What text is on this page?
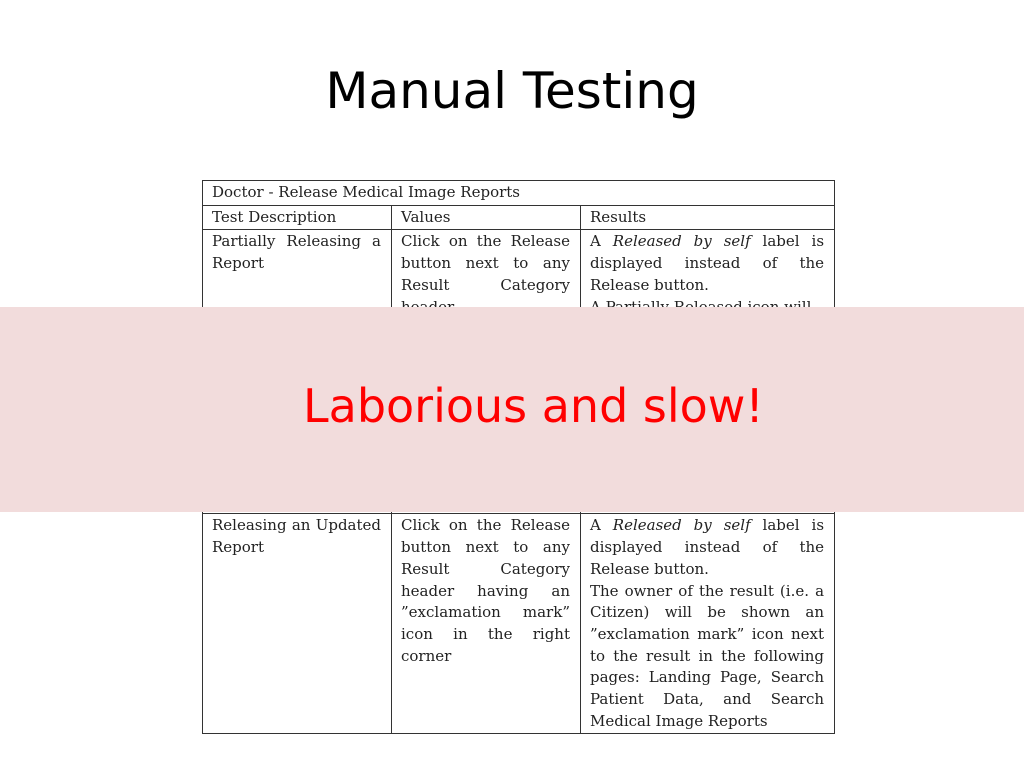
Manual Testing
Doctor - Release Medical Image Reports		
Test Description	Values	Results
Partially Releasing a Report	Click on the Release button next to any Result Category	A Released by self label is displayed instead of the Release button.

Releasing an Updated Report	Click on the Release button next to any Result Category header having an ”exclamation mark” icon in the right corner	A Released by self label is displayed instead of the Release button.
The owner of the result (i.e. a Citizen) will be shown an ”exclamation mark” icon next to the result in the following pages: Landing Page, Search Patient Data, and Search Medical Image Reports
Laborious and slow!
